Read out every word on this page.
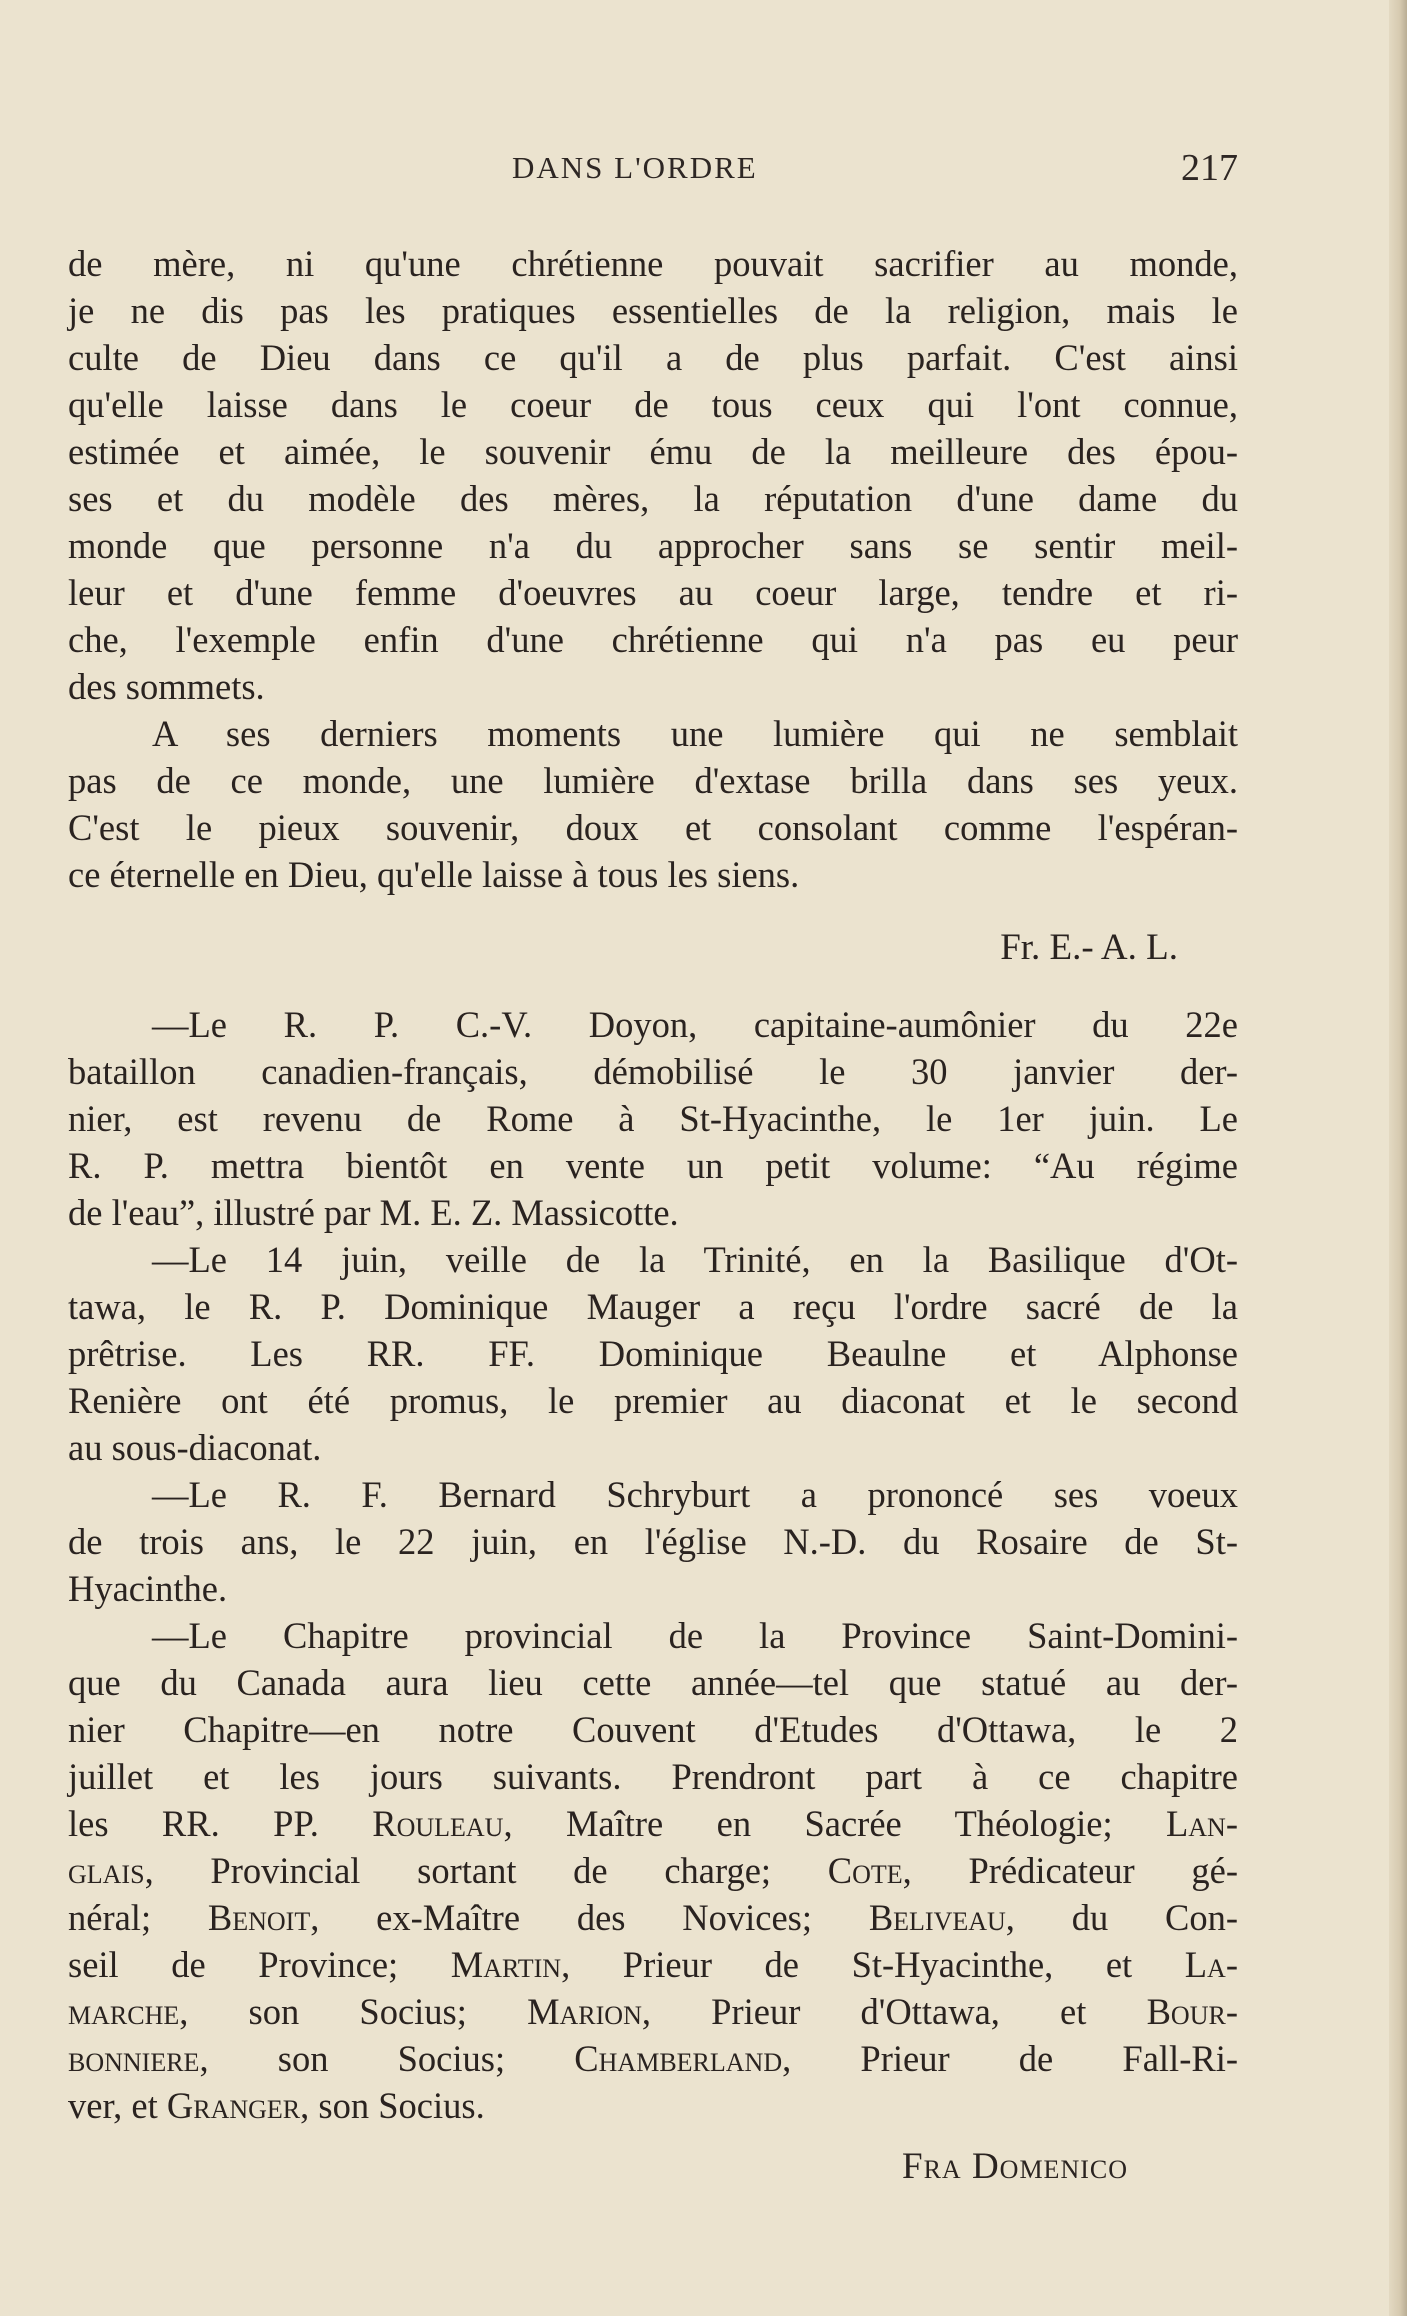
DANS L'ORDRE	217
de mère, ni qu'une chrétienne pouvait sacrifier au monde,
je ne dis pas les pratiques essentielles de la religion, mais le
culte de Dieu dans ce qu'il a de plus parfait. C'est ainsi
qu'elle laisse dans le coeur de tous ceux qui l'ont connue,
estimée et aimée, le souvenir ému de la meilleure des épou-
ses et du modèle des mères, la réputation d'une dame du
monde que personne n'a du approcher sans se sentir meil-
leur et d'une femme d'oeuvres au coeur large, tendre et ri-
che, l'exemple enfin d'une chrétienne qui n'a pas eu peur
des sommets.
A ses derniers moments une lumière qui ne semblait
pas de ce monde, une lumière d'extase brilla dans ses yeux.
C'est le pieux souvenir, doux et consolant comme l'espéran-
ce éternelle en Dieu, qu'elle laisse à tous les siens.
Fr. E.- A. L.
—Le R. P. C.-V. Doyon, capitaine-aumônier du 22e
bataillon canadien-français, démobilisé le 30 janvier der-
nier, est revenu de Rome à St-Hyacinthe, le 1er juin. Le
R. P. mettra bientôt en vente un petit volume: “Au régime
de l'eau”, illustré par M. E. Z. Massicotte.
—Le 14 juin, veille de la Trinité, en la Basilique d'Ot-
tawa, le R. P. Dominique Mauger a reçu l'ordre sacré de la
prêtrise. Les RR. FF. Dominique Beaulne et Alphonse
Renière ont été promus, le premier au diaconat et le second
au sous-diaconat.
—Le R. F. Bernard Schryburt a prononcé ses voeux
de trois ans, le 22 juin, en l'église N.-D. du Rosaire de St-
Hyacinthe.
—Le Chapitre provincial de la Province Saint-Domini-
que du Canada aura lieu cette année—tel que statué au der-
nier Chapitre—en notre Couvent d'Etudes d'Ottawa, le 2
juillet et les jours suivants. Prendront part à ce chapitre
les RR. PP. Rouleau, Maître en Sacrée Théologie; Lan-
glais, Provincial sortant de charge; Cote, Prédicateur gé-
néral; Benoit, ex-Maître des Novices; Beliveau, du Con-
seil de Province; Martin, Prieur de St-Hyacinthe, et La-
marche, son Socius; Marion, Prieur d'Ottawa, et Bour-
bonniere, son Socius; Chamberland, Prieur de Fall-Ri-
ver, et Granger, son Socius.
Fra Domenico
